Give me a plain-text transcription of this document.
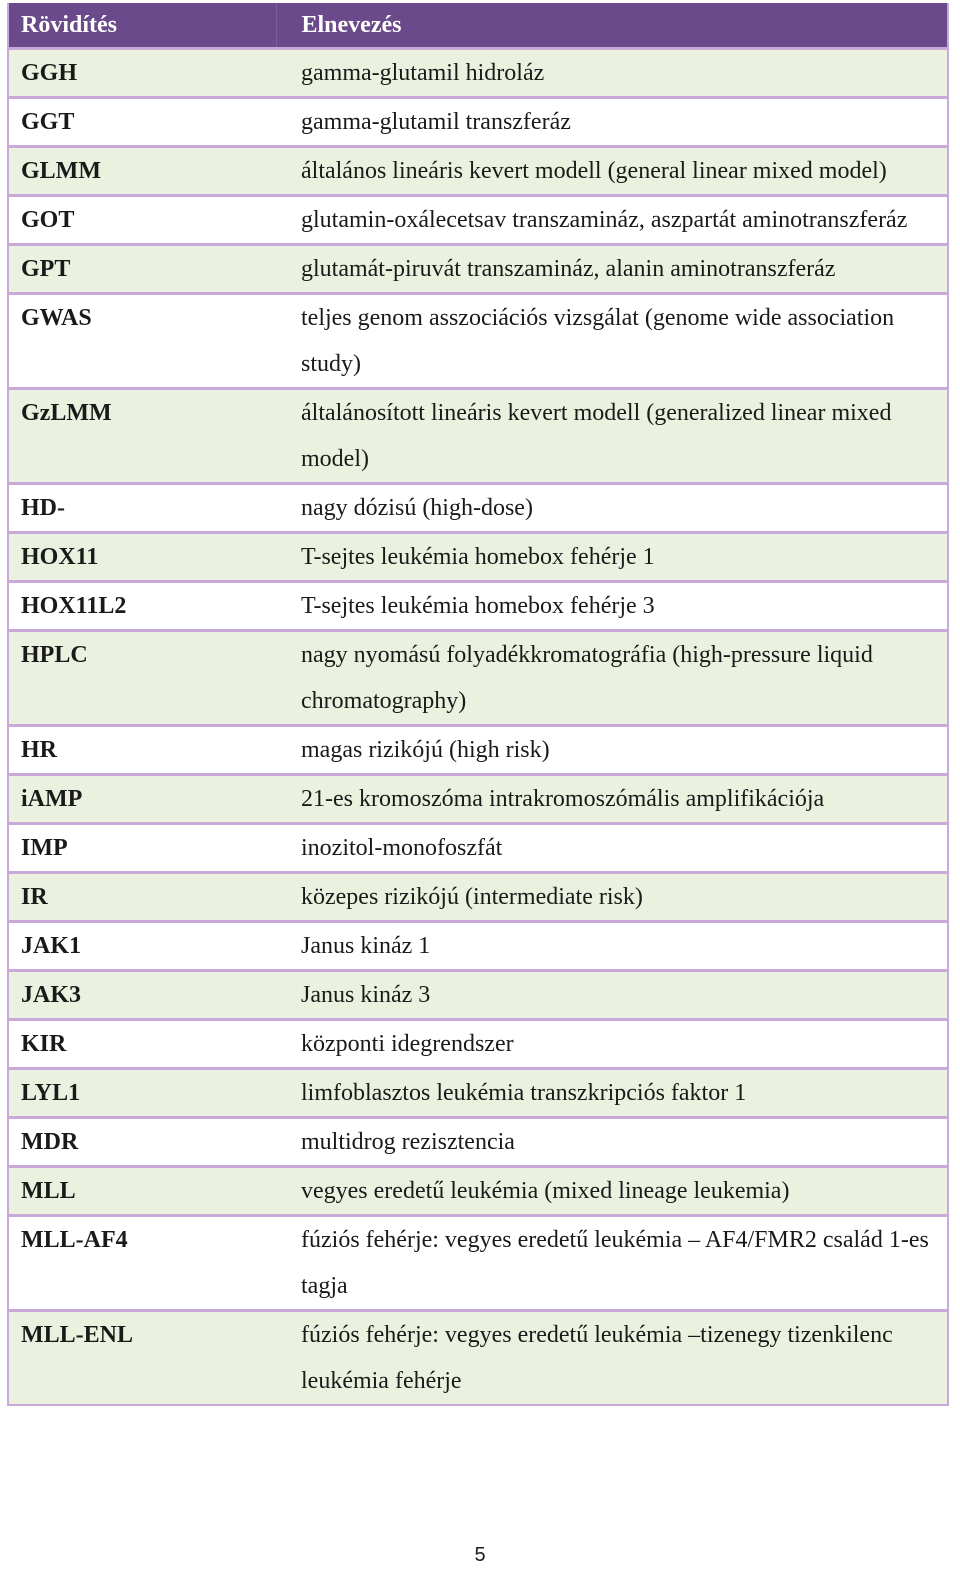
Rövidítés	Elnevezés
GGH	gamma-glutamil hidroláz
GGT	gamma-glutamil transzferáz
GLMM	általános lineáris kevert modell (general linear mixed model)
GOT	glutamin-oxálecetsav transzamináz, aszpartát aminotranszferáz
GPT	glutamát-piruvát transzamináz, alanin aminotranszferáz
GWAS	teljes genom asszociációs vizsgálat (genome wide association study)
GzLMM	általánosított lineáris kevert modell (generalized linear mixed model)
HD-	nagy dózisú (high-dose)
HOX11	T-sejtes leukémia homebox fehérje 1
HOX11L2	T-sejtes leukémia homebox fehérje 3
HPLC	nagy nyomású folyadékkromatográfia (high-pressure liquid chromatography)
HR	magas rizikójú (high risk)
iAMP	21-es kromoszóma intrakromoszómális amplifikációja
IMP	inozitol-monofoszfát
IR	közepes rizikójú (intermediate risk)
JAK1	Janus kináz 1
JAK3	Janus kináz 3
KIR	központi idegrendszer
LYL1	limfoblasztos leukémia transzkripciós faktor 1
MDR	multidrog rezisztencia
MLL	vegyes eredetű leukémia (mixed lineage leukemia)
MLL-AF4	fúziós fehérje: vegyes eredetű leukémia – AF4/FMR2 család 1-es tagja
MLL-ENL	fúziós fehérje: vegyes eredetű leukémia –tizenegy tizenkilenc leukémia fehérje
5
